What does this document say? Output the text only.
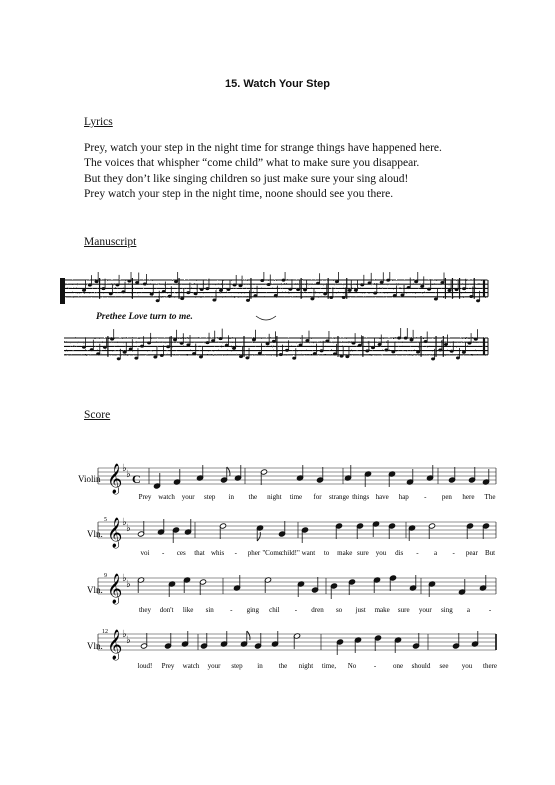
15. Watch Your Step
Lyrics
Prey, watch your step in the night time for strange things have happened here.
The voices that whispher “come child” what to make sure you disappear.
But they don’t like singing children so just make sure your sing aloud!
Prey watch your step in the night time, noone should see you there.
Manuscript
Prethee Love turn to me.
Score
Violin 𝄞 ♭
♭ C
Prey watch your step in the night time for strange things have hap - pen here The
Vln.
5 𝄞 ♭
♭
voi - ces that whis - pher "Come
child!" want to make sure you dis - a - pear But
Vln.
9 𝄞 ♭
♭
they don't like sin - ging chil - dren so just make sure your sing a	-
Vln.
12 𝄞 ♭
♭
loud! Prey watch your step in the night time, No	- one should see you there
